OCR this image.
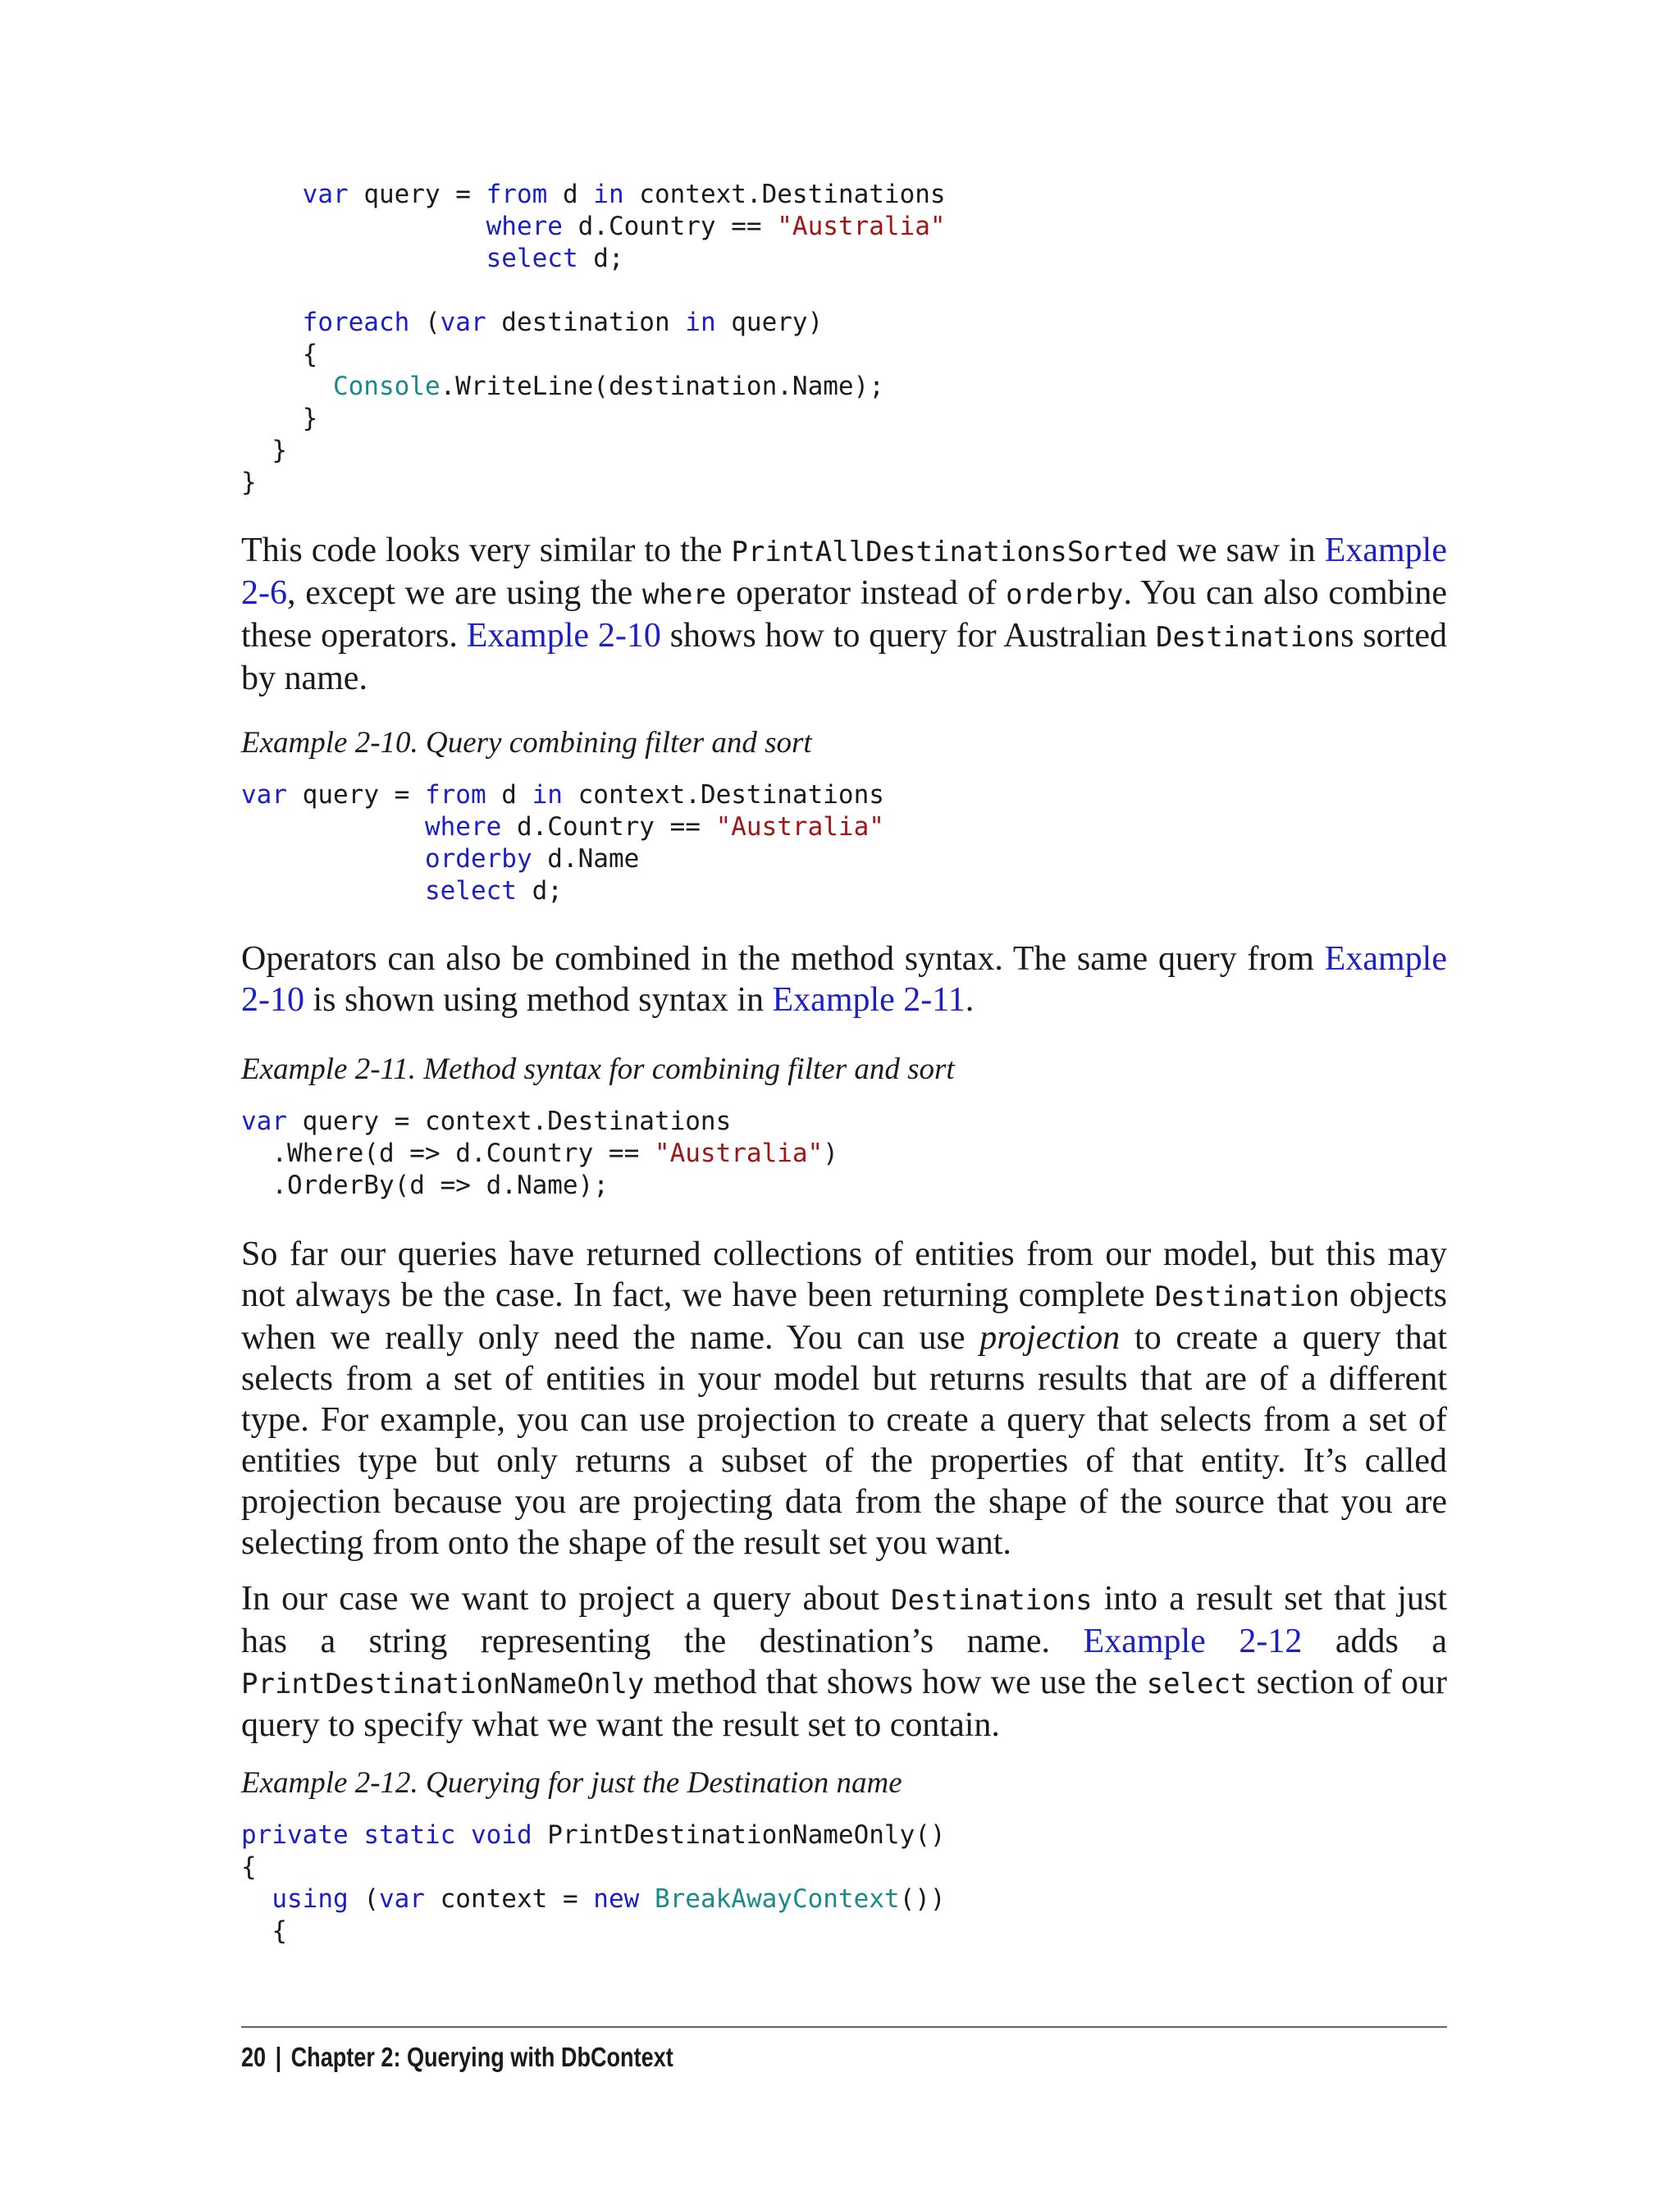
var query = from d in context.Destinations
where d.Country == "Australia"
select d;

foreach (var destination in query)
{
Console.WriteLine(destination.Name);
}
}
}

This code looks very similar to the PrintAllDestinationsSorted we saw in Example 2-6, except we are using the where operator instead of orderby. You can also combine these operators. Example 2-10 shows how to query for Australian Destinations sorted by name.

Example 2-10. Query combining filter and sort

var query = from d in context.Destinations
where d.Country == "Australia"
orderby d.Name
select d;

Operators can also be combined in the method syntax. The same query from Example 2-10 is shown using method syntax in Example 2-11.

Example 2-11. Method syntax for combining filter and sort

var query = context.Destinations
.Where(d => d.Country == "Australia")
.OrderBy(d => d.Name);

So far our queries have returned collections of entities from our model, but this may not always be the case. In fact, we have been returning complete Destination objects when we really only need the name. You can use projection to create a query that selects from a set of entities in your model but returns results that are of a different type. For example, you can use projection to create a query that selects from a set of entities type but only returns a subset of the properties of that entity. It’s called projection because you are projecting data from the shape of the source that you are selecting from onto the shape of the result set you want.

In our case we want to project a query about Destinations into a result set that just has a string representing the destination’s name. Example 2-12 adds a PrintDestinationNameOnly method that shows how we use the select section of our query to specify what we want the result set to contain.

Example 2-12. Querying for just the Destination name

private static void PrintDestinationNameOnly()
{
using (var context = new BreakAwayContext())
{
20 | Chapter 2: Querying with DbContext
